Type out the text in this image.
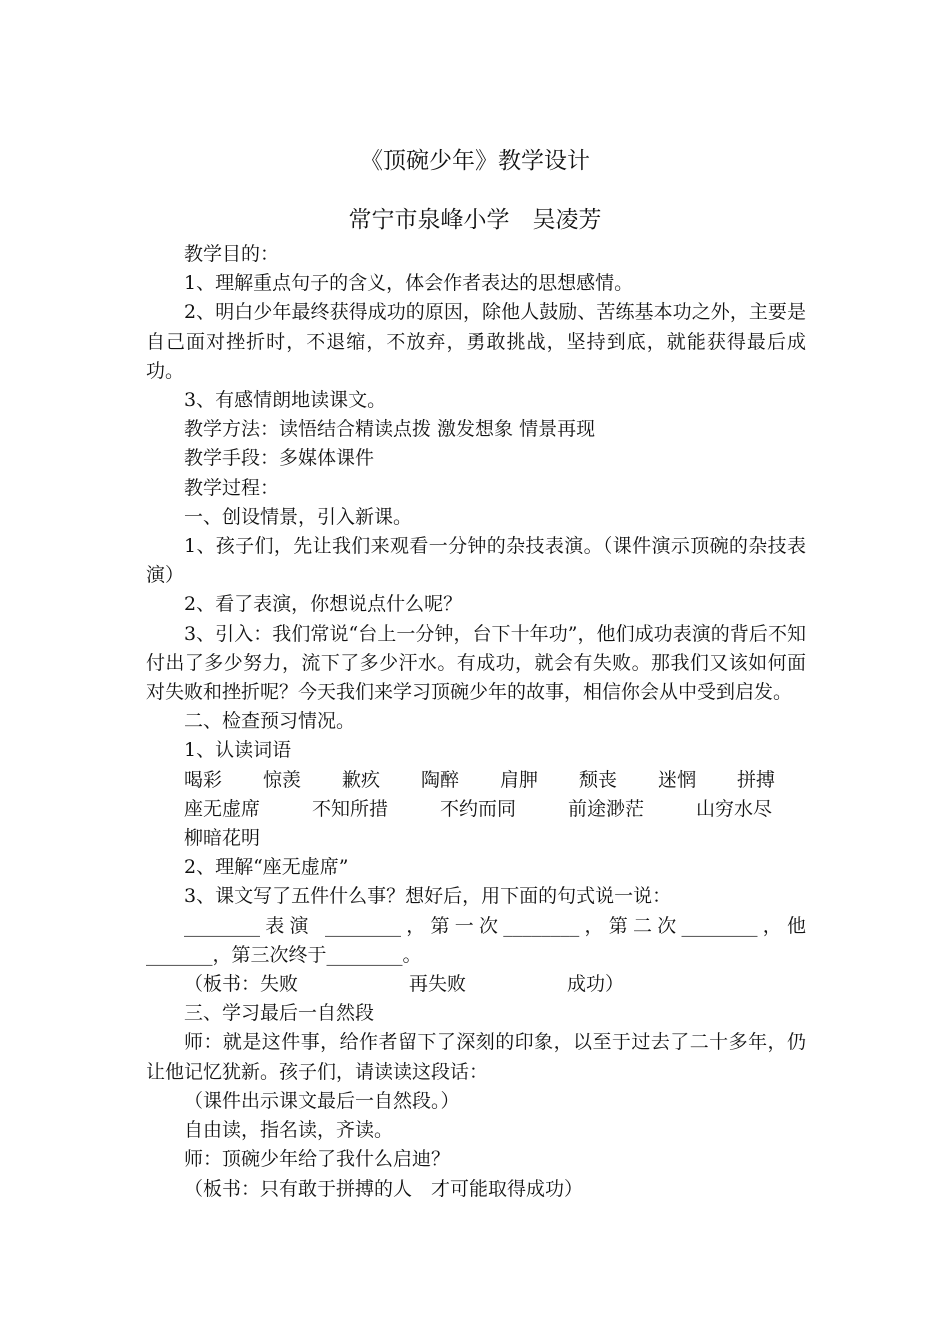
《顶碗少年》教学设计
常宁市泉峰小学　吴凌芳

教学目的：

1、理解重点句子的含义，体会作者表达的思想感情。

2、明白少年最终获得成功的原因，除他人鼓励、苦练基本功之外，主要是自己面对挫折时，不退缩，不放弃，勇敢挑战，坚持到底，就能获得最后成功。

3、有感情朗地读课文。

教学方法：读悟结合精读点拨 激发想象 情景再现

教学手段：多媒体课件

教学过程：

一、创设情景，引入新课。

1、孩子们，先让我们来观看一分钟的杂技表演。（课件演示顶碗的杂技表演）

2、看了表演，你想说点什么呢？

3、引入：我们常说“台上一分钟，台下十年功”，他们成功表演的背后不知付出了多少努力，流下了多少汗水。有成功，就会有失败。那我们又该如何面对失败和挫折呢？今天我们来学习顶碗少年的故事，相信你会从中受到启发。

二、检查预习情况。

1、认读词语

喝彩	惊羡	歉疚	陶醉	肩胛	颓丧	迷惘	拼搏
座无虚席	不知所措	不约而同	前途渺茫	山穷水尽
柳暗花明

2、理解“座无虚席”

3、课文写了五件什么事？想好后，用下面的句式说一说：

________表演 ________，第一次________，第二次________，他_______，第三次终于________。

（板书：失败	再失败	成功）

三、学习最后一自然段

师：就是这件事，给作者留下了深刻的印象，以至于过去了二十多年，仍让他记忆犹新。孩子们，请读读这段话：

（课件出示课文最后一自然段。）

自由读，指名读，齐读。

师：顶碗少年给了我什么启迪？

（板书：只有敢于拼搏的人　才可能取得成功）
